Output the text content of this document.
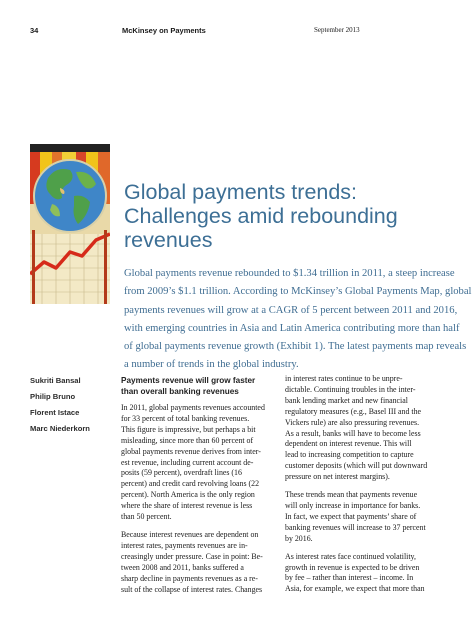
34	McKinsey on Payments	September 2013
Global payments trends:
Challenges amid rebounding
revenues
Global payments revenue rebounded to $1.34 trillion in 2011, a steep increase
from 2009’s $1.1 trillion. According to McKinsey’s Global Payments Map, global
payments revenues will grow at a CAGR of 5 percent between 2011 and 2016,
with emerging countries in Asia and Latin America contributing more than half
of global payments revenue growth (Exhibit 1). The latest payments map reveals
a number of trends in the global industry.
Sukriti Bansal
Philip Bruno
Florent Istace
Marc Niederkorn
Payments revenue will grow faster
than overall banking revenues
In 2011, global payments revenues accounted
for 33 percent of total banking revenues.
This figure is impressive, but perhaps a bit
misleading, since more than 60 percent of
global payments revenue derives from inter-
est revenue, including current account de-
posits (59 percent), overdraft lines (16
percent) and credit card revolving loans (22
percent). North America is the only region
where the share of interest revenue is less
than 50 percent.
Because interest revenues are dependent on
interest rates, payments revenues are in-
creasingly under pressure. Case in point: Be-
tween 2008 and 2011, banks suffered a
sharp decline in payments revenues as a re-
sult of the collapse of interest rates. Changes
in interest rates continue to be unpre-
dictable. Continuing troubles in the inter-
bank lending market and new financial
regulatory measures (e.g., Basel III and the
Vickers rule) are also pressuring revenues.
As a result, banks will have to become less
dependent on interest revenue. This will
lead to increasing competition to capture
customer deposits (which will put downward
pressure on net interest margins).
These trends mean that payments revenue
will only increase in importance for banks.
In fact, we expect that payments’ share of
banking revenues will increase to 37 percent
by 2016.
As interest rates face continued volatility,
growth in revenue is expected to be driven
by fee – rather than interest – income. In
Asia, for example, we expect that more than
